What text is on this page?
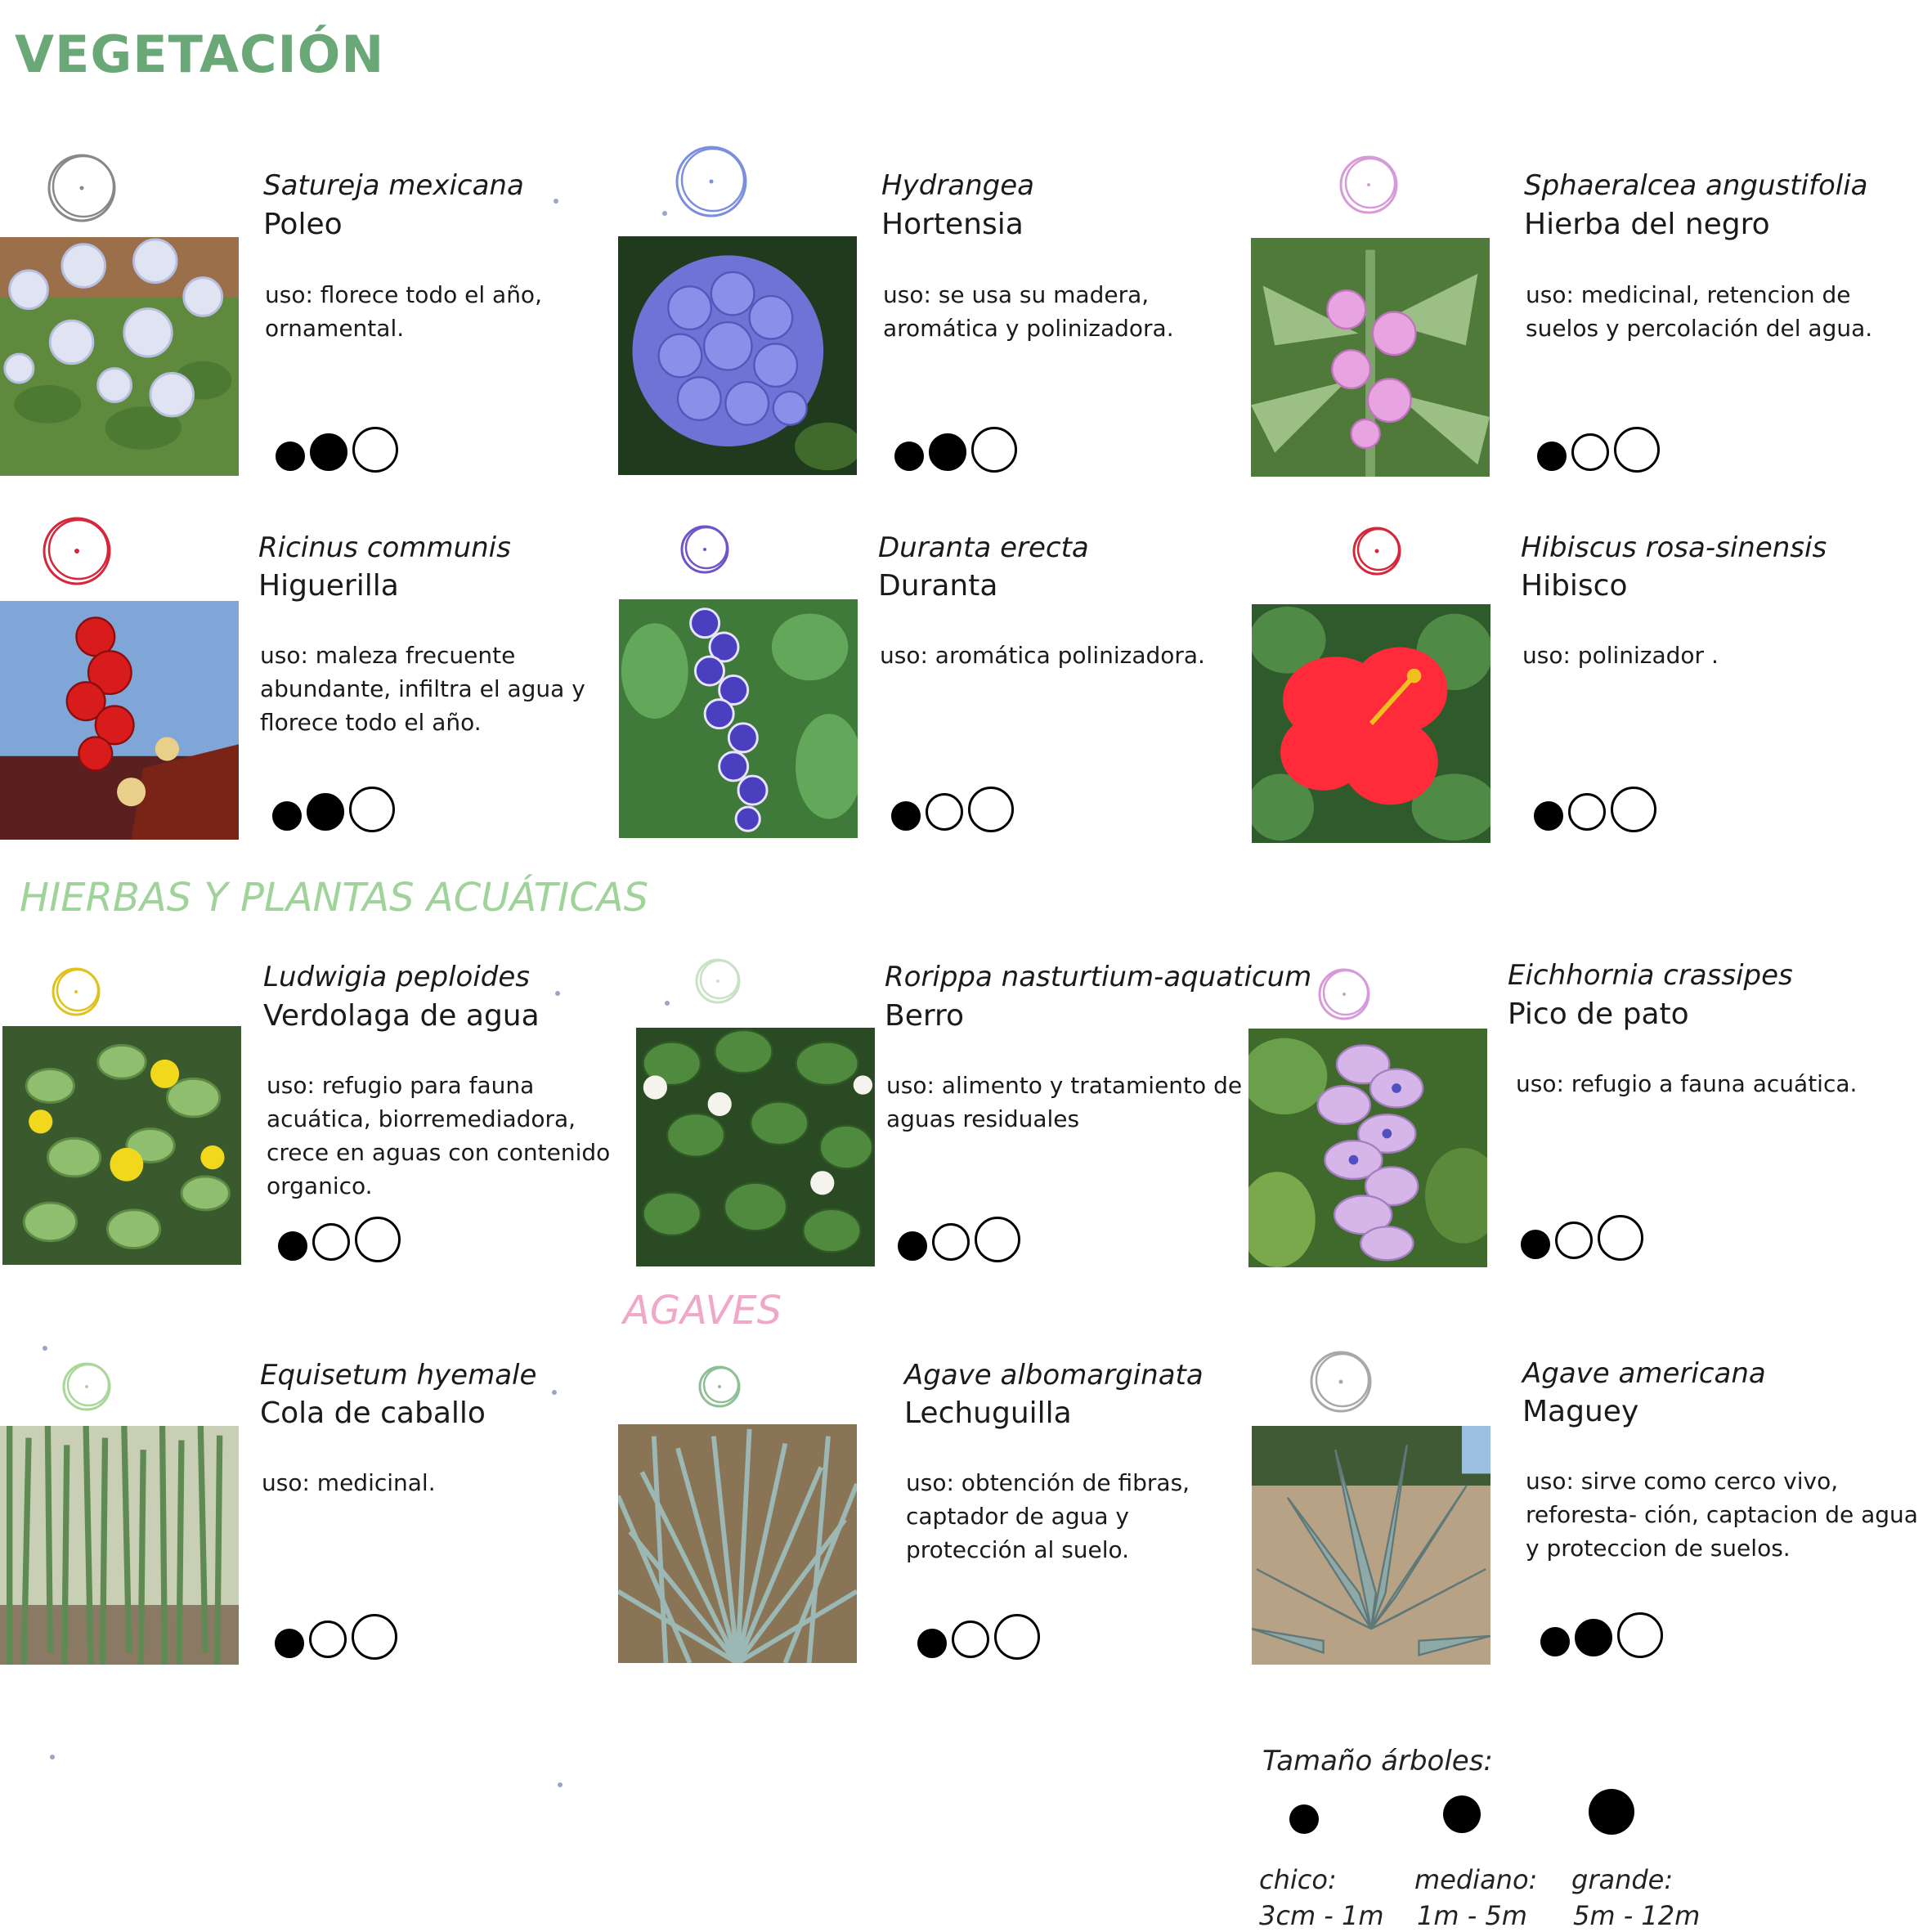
VEGETACIÓN
HIERBAS Y PLANTAS ACUÁTICAS
AGAVES
Satureja mexicana
Poleo
uso: florece todo el año, ornamental.
Hydrangea
Hortensia
uso: se usa su madera, aromática y polinizadora.
Sphaeralcea angustifolia
Hierba del negro
uso: medicinal, retencion de suelos y percolación del agua.
Ricinus communis
Higuerilla
uso: maleza frecuente abundante, infiltra el agua y florece todo el año.
Duranta erecta
Duranta
uso: aromática polinizadora.
Hibiscus rosa-sinensis
Hibisco
uso: polinizador .
Ludwigia peploides
Verdolaga de agua
uso: refugio para fauna acuática, biorremediadora, crece en aguas con contenido organico.
Rorippa nasturtium-aquaticum
Berro
uso: alimento y tratamiento de aguas residuales
Eichhornia crassipes
Pico de pato
uso: refugio a fauna acuática.
Equisetum hyemale
Cola de caballo
uso: medicinal.
Agave albomarginata
Lechuguilla
uso: obtención de fibras, captador de agua y protección al suelo.
Agave americana
Maguey
uso: sirve como cerco vivo, reforesta- ción, captacion de agua y proteccion de suelos.
Tamaño árboles:
chico:
3cm - 1m
mediano:
1m - 5m
grande:
5m - 12m
